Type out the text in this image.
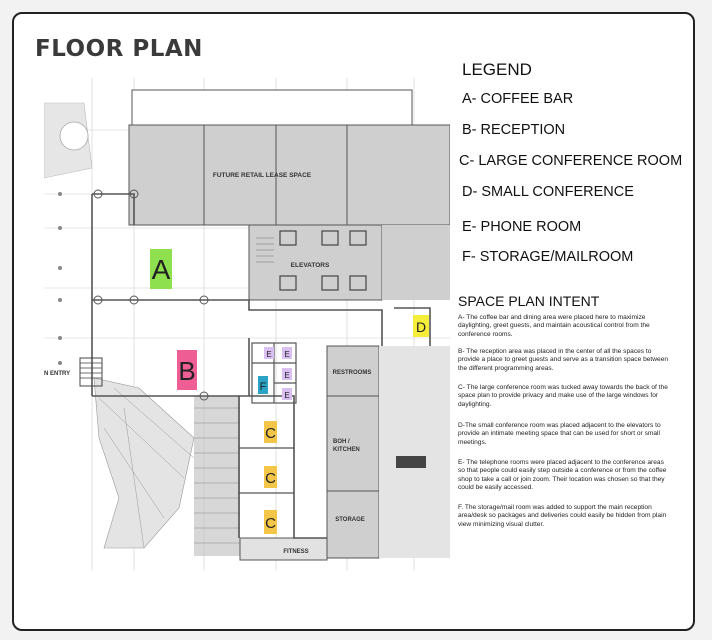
FLOOR PLAN
FUTURE RETAIL LEASE SPACE
ELEVATORS
RESTROOMS
BOH /
KITCHEN
STORAGE
FITNESS
N ENTRY
A
B
C
C
C
D
E E
E
E
F
LEGEND
A- COFFEE BAR
B- RECEPTION
C- LARGE CONFERENCE ROOM
D- SMALL CONFERENCE
E- PHONE ROOM
F- STORAGE/MAILROOM
SPACE PLAN INTENT
A- The coffee bar and dining area were placed here to maximize daylighting, greet guests, and maintain acoustical control from the conference rooms.
B- The reception area was placed in the center of all the spaces to provide a place to greet guests and serve as a transition space between the different programming areas.
C- The large conference room was tucked away towards the back of the space plan to provide privacy and make use of the large windows for daylighting.
D-The small conference room was placed adjacent to the elevators to provide an intimate meeting space that can be used for short or small meetings.
E- The telephone rooms were placed adjacent to the conference areas so that people could easily step outside a conference or from the coffee shop to take a call or join zoom. Their location was chosen so that they could be easily accessed.
F. The storage/mail room was added to support the main reception area/desk so packages and deliveries could easily be hidden from plain view minimizing visual clutter.
